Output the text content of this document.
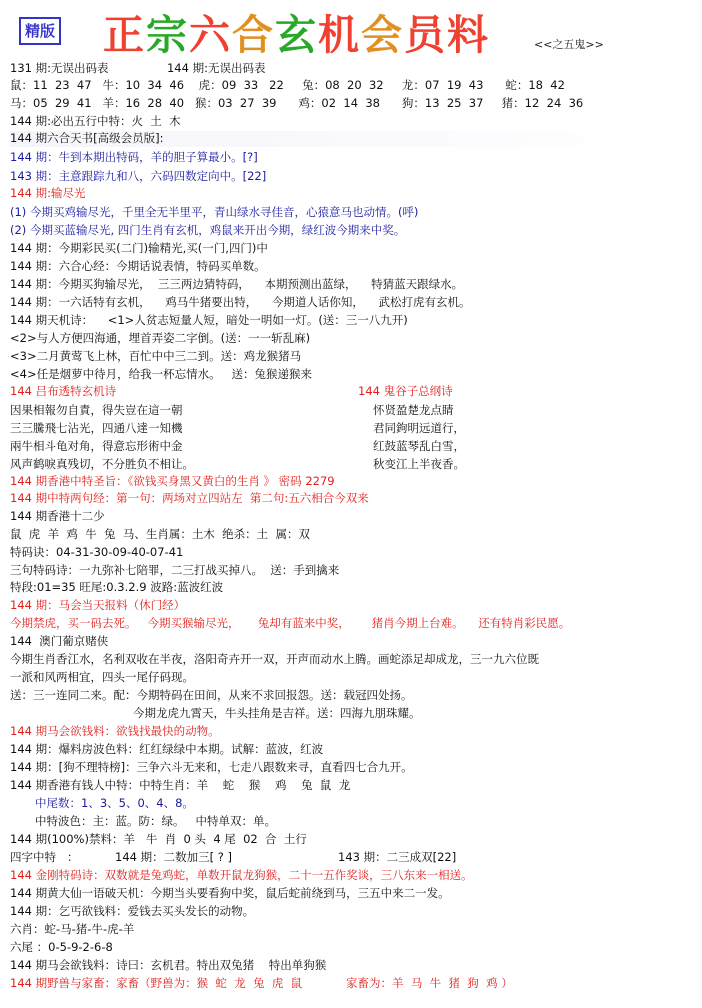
精版 正宗六合玄机会员料	<<之五鬼>>
131 期:无误出码表                144 期:无误出码表
鼠：11  23  47   牛：10  34  46    虎：09  33   22     兔：08  20  32     龙：07  19  43      蛇：18  42
马：05  29  41   羊：16  28  40   猴：03  27  39      鸡：02  14  38      狗：13  25  37     猪：12  24  36
144 期:必出五行中特：火  土  木
144 期六合天书[高级会员版]:
144 期：牛到本期出特码，羊的胆子算最小。[?]
143 期：主意跟踪九和八，六码四数定向中。[22]
144 期:输尽光
(1) 今期买鸡输尽光，千里全无半里平，青山绿水寻佳音，心猿意马也动情。(呼)
(2) 今期买蓝输尽光, 四门生肖有玄机，鸡鼠来开出今期，绿红波今期来中奖。
144 期：今期彩民买(二门)输精光,买(一门,四门)中
144 期：六合心经：今期话说表情，特码买单数。
144 期：今期买狗输尽光，  三三两边猜特码，    本期预测出蓝绿，    特猜蓝天跟绿水。
144 期：一六话特有玄机，    鸡马牛猪要出特，    今期道人话你知，    武松打虎有玄机。
144 期天机诗：    <1>人贫志短量人短，暗处一明如一灯。(送：三一八九开)
<2>与人方便四海通，埋首弄姿二字倒。(送：一一斩乱麻)
<3>二月黄莺飞上林，百忙中中三二到。送：鸡龙猴猪马
<4>任是烟萝中待月，给我一杯忘情水。   送：兔猴递猴来
144 吕布透特玄机诗	144 鬼谷子总纲诗
因果相報勿自責，得失豈在這一朝
三三騰飛七沾光，四通八達一知機
兩牛相斗龟对角，得意忘形術中金
风声鹤唳真残切，不分胜负不相让。
怀贤盈楚龙点睛
君同鉤明远道行，
红鼓蓝琴乱白雪，
秋变江上半夜香。
144 期香港中特圣旨：《欲钱买身黑又黄白的生肖 》 密码 2279
144 期中特两句经：第一句：两场对立四站左  第二句:五六相合今双来
144 期香港十二少
鼠  虎  羊  鸡  牛  兔  马、生肖属：土木  绝杀：土  属：双
特码诀：04-31-30-09-40-07-41
三句特码诗：一九弥补七陪罪，二三打战买掉八。  送：手到擒来
特段:01=35 旺尾:0.3.2.9 波路:蓝波红波
144 期：马会当天报料（休门经）
今期禁虎，买一码去死。   今期买猴输尽光，     兔却有蓝来中奖，      猪肖今期上台难。    还有特肖彩民愿。
144  澳门葡京赌侠
今期生肖香江水，名利双收在半夜，洛阳奇卉开一双，开声而动水上腾。画蛇添足却成龙，三一九六位既
一派和风两相宜，四头一尾仔码现。
送：三一连同二来。配：今期特码在田间，从来不求回报怨。送：载冠四处扬。
今期龙虎九霄天，牛头挂角是吉祥。送：四海九朋珠耀。
144 期马会欲钱料：欲钱找最快的动物。
144 期：爆料房波色料：红红绿绿中本期。试解：蓝波，红波
144 期：[狗不理特榜]：三争六斗无来和，七走八跟数来寻，直看四七合九开。
144 期香港有钱人中特：中特生肖：羊    蛇    猴    鸡    兔  鼠  龙
中尾数：1、3、5、0、4、8。
中特波色：主：蓝。防：绿。   中特单双：单。
144 期(100%)禁料：羊   牛  肖  0 头  4 尾  02  合  土行
四字中特   ：          144 期：二数加三[ ? ]                             143 期：二三成双[22]
144 金刚特码诗：双数就是兔鸡蛇，单数开鼠龙狗猴，二十一五作奖谈，三八东来一相送。
144 期黄大仙一语破天机：今期当头要看狗中奖，鼠后蛇前绕到马，三五中来二一发。
144 期：乞丐欲钱料：爱钱去买头发长的动物。
六肖：蛇-马-猪-牛-虎-羊
六尾 ：0-5-9-2-6-8
144 期马会欲钱料：诗曰：玄机君。特出双兔猪    特出单狗猴
144 期野兽与家畜：家畜（野兽为：猴  蛇  龙  兔  虎  鼠            家畜为：羊  马  牛  猪  狗  鸡 ）
